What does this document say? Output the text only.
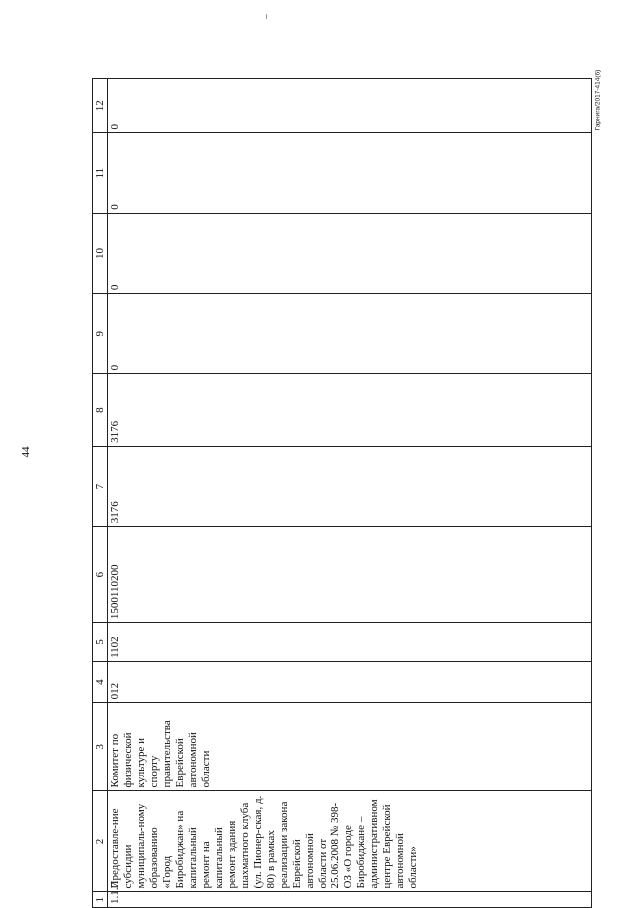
44
Гарнига/2017-414(6)
1	2	3	4	5	6	7	8	9	10	11	12
1.1.7	Предоставле-ние субсидии муниципаль-ному образованию «Город Биробиджан» на капитальный ремонт на капитальный ремонт здания шахматного клуба (ул. Пионер-ская, д. 80) в рамках реализации закона Еврейской автономной области от 25.06.2008 № 398-ОЗ «О городе Биробиджане – административном центре Еврейской автономной области»	Комитет по физической культуре и спорту правительства Еврейской автономной области	012	1102	1500110200	3176	3176	0	0	0	0
